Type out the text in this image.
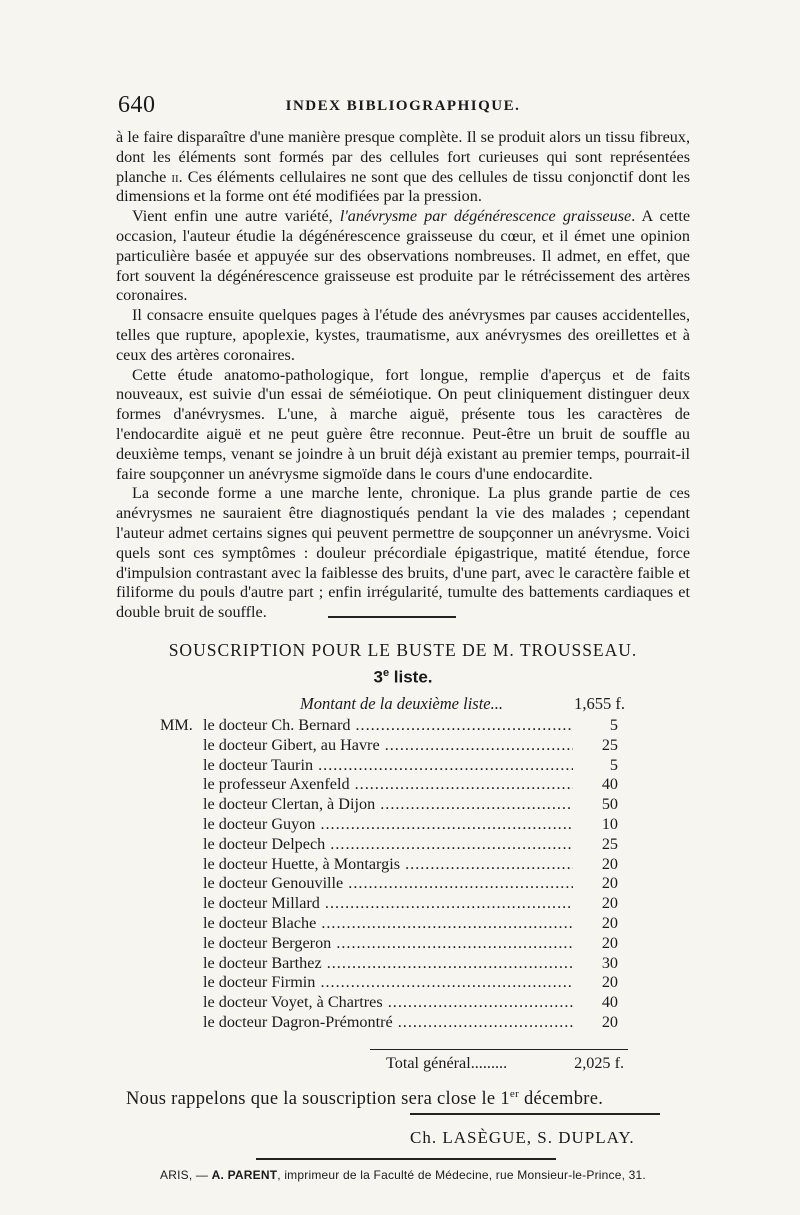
640	INDEX BIBLIOGRAPHIQUE.

à le faire disparaître d'une manière presque complète. Il se produit alors un tissu fibreux, dont les éléments sont formés par des cellules fort curieuses qui sont représentées planche ii. Ces éléments cellulaires ne sont que des cellules de tissu conjonctif dont les dimensions et la forme ont été modifiées par la pression.

Vient enfin une autre variété, l'anévrysme par dégénérescence graisseuse. A cette occasion, l'auteur étudie la dégénérescence graisseuse du cœur, et il émet une opinion particulière basée et appuyée sur des observations nombreuses. Il admet, en effet, que fort souvent la dégénérescence graisseuse est produite par le rétrécissement des artères coronaires.

Il consacre ensuite quelques pages à l'étude des anévrysmes par causes accidentelles, telles que rupture, apoplexie, kystes, traumatisme, aux anévrysmes des oreillettes et à ceux des artères coronaires.

Cette étude anatomo-pathologique, fort longue, remplie d'aperçus et de faits nouveaux, est suivie d'un essai de séméiotique. On peut cliniquement distinguer deux formes d'anévrysmes. L'une, à marche aiguë, présente tous les caractères de l'endocardite aiguë et ne peut guère être reconnue. Peut-être un bruit de souffle au deuxième temps, venant se joindre à un bruit déjà existant au premier temps, pourrait-il faire soupçonner un anévrysme sigmoïde dans le cours d'une endocardite.

La seconde forme a une marche lente, chronique. La plus grande partie de ces anévrysmes ne sauraient être diagnostiqués pendant la vie des malades ; cependant l'auteur admet certains signes qui peuvent permettre de soupçonner un anévrysme. Voici quels sont ces symptômes : douleur précordiale épigastrique, matité étendue, force d'impulsion contrastant avec la faiblesse des bruits, d'une part, avec le caractère faible et filiforme du pouls d'autre part ; enfin irrégularité, tumulte des battements cardiaques et double bruit de souffle.

SOUSCRIPTION POUR LE BUSTE DE M. TROUSSEAU.
3e liste.
Montant de la deuxième liste...	1,655 f.
MM. le docteur Ch. Bernard .....	5
le docteur Gibert, au Havre .....	25
le docteur Taurin .....	5
le professeur Axenfeld .....	40
le docteur Clertan, à Dijon .....	50
le docteur Guyon .....	10
le docteur Delpech .....	25
le docteur Huette, à Montargis .....	20
le docteur Genouville .....	20
le docteur Millard .....	20
le docteur Blache .....	20
le docteur Bergeron .....	20
le docteur Barthez .....	30
le docteur Firmin .....	20
le docteur Voyet, à Chartres .....	40
le docteur Dagron-Prémontré .....	20
Total général.........	2,025 f.
Nous rappelons que la souscription sera close le 1er décembre.
Ch. LASÈGUE, S. DUPLAY.
ARIS, — A. PARENT, imprimeur de la Faculté de Médecine, rue Monsieur-le-Prince, 31.
